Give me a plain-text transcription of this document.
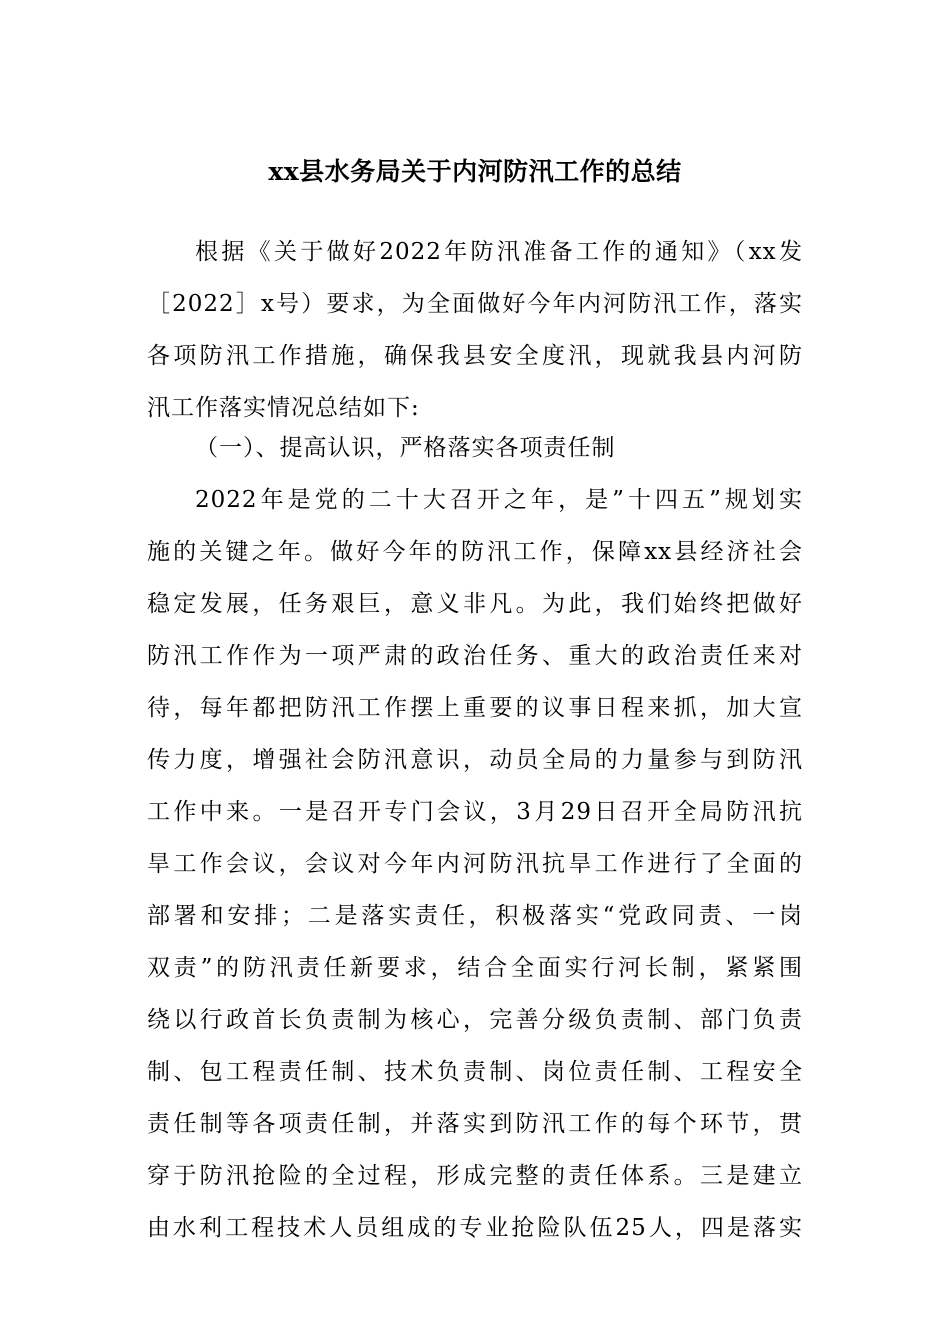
xx县水务局关于内河防汛工作的总结
根据《关于做好2022年防汛准备工作的通知》（xx发
［2022］x号）要求，为全面做好今年内河防汛工作，落实
各项防汛工作措施，确保我县安全度汛，现就我县内河防
汛工作落实情况总结如下:
（一）、提高认识，严格落实各项责任制
2022年是党的二十大召开之年，是”十四五”规划实
施的关键之年。做好今年的防汛工作，保障xx县经济社会
稳定发展，任务艰巨，意义非凡。为此，我们始终把做好
防汛工作作为一项严肃的政治任务、重大的政治责任来对
待，每年都把防汛工作摆上重要的议事日程来抓，加大宣
传力度，增强社会防汛意识，动员全局的力量参与到防汛
工作中来。一是召开专门会议，3月29日召开全局防汛抗
旱工作会议，会议对今年内河防汛抗旱工作进行了全面的
部署和安排；二是落实责任，积极落实“党政同责、一岗
双责”的防汛责任新要求，结合全面实行河长制，紧紧围
绕以行政首长负责制为核心，完善分级负责制、部门负责
制、包工程责任制、技术负责制、岗位责任制、工程安全
责任制等各项责任制，并落实到防汛工作的每个环节，贯
穿于防汛抢险的全过程，形成完整的责任体系。三是建立
由水利工程技术人员组成的专业抢险队伍25人，四是落实
